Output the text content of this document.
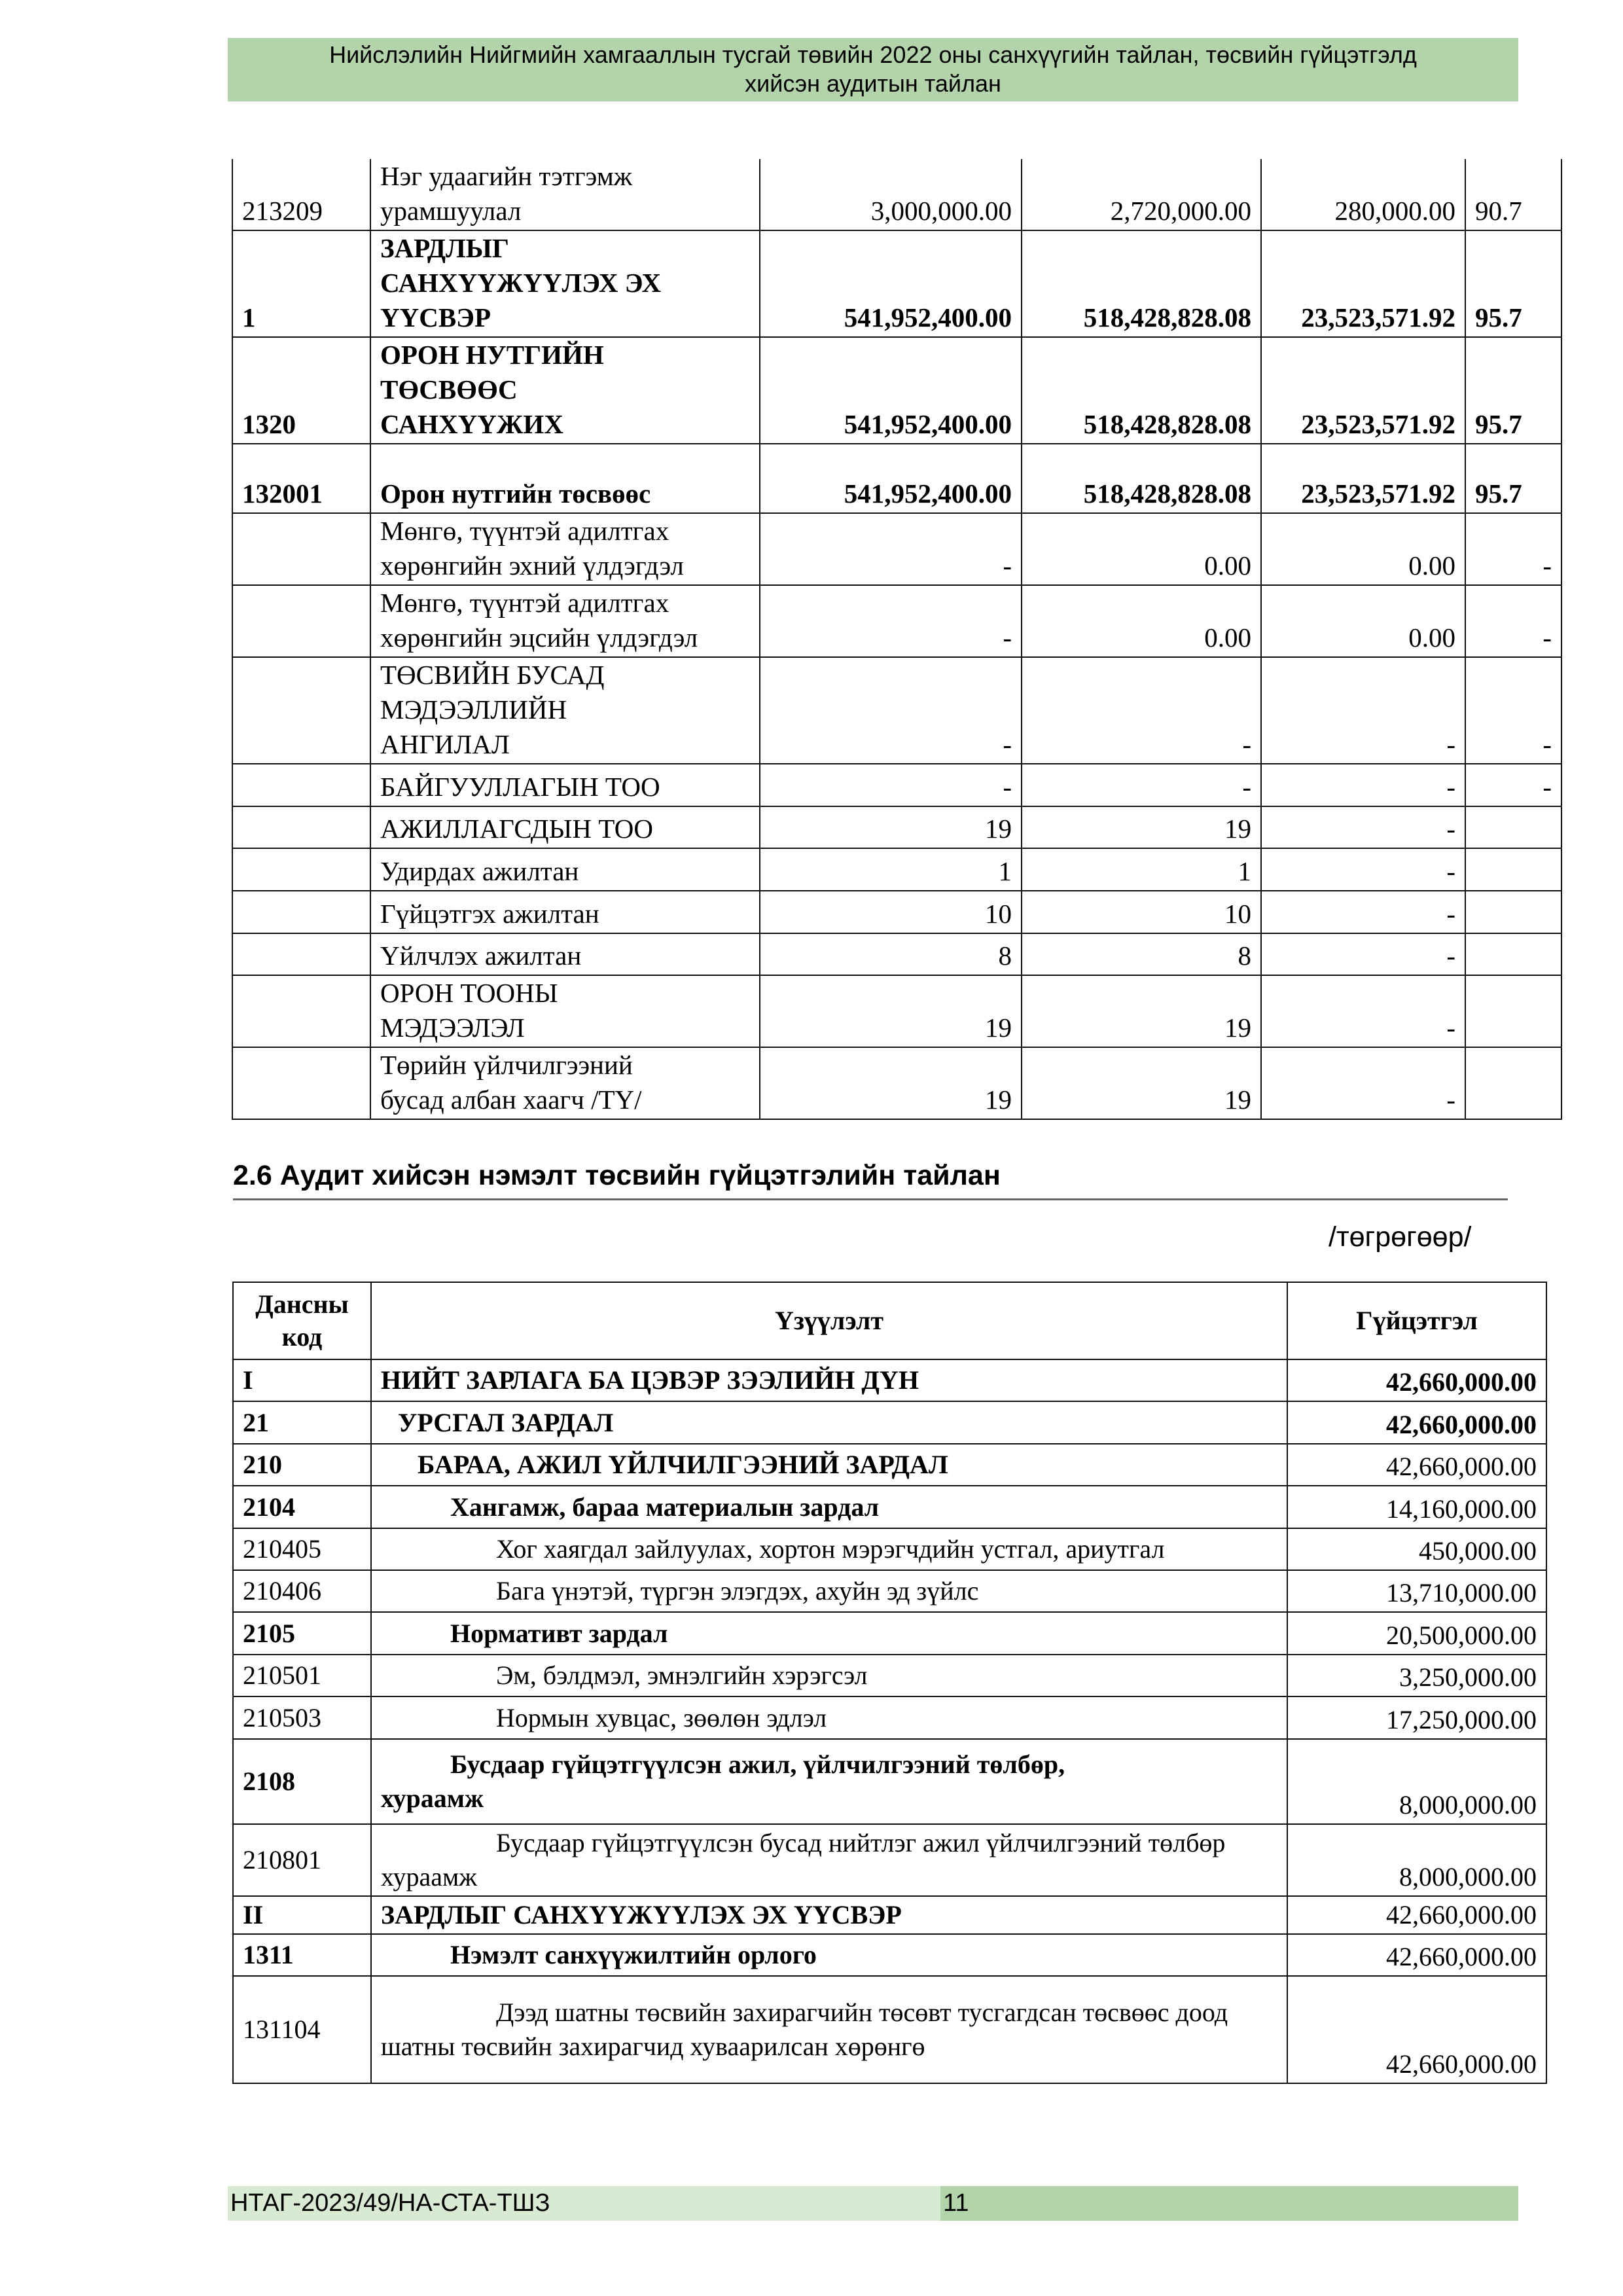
Нийслэлийн Нийгмийн хамгааллын тусгай төвийн 2022 оны санхүүгийн тайлан, төсвийн гүйцэтгэлд
хийсэн аудитын тайлан
213209	Нэг удаагийн тэтгэмж
урамшуулал	3,000,000.00	2,720,000.00	280,000.00	90.7
1	ЗАРДЛЫГ
САНХҮҮЖҮҮЛЭХ ЭХ
ҮҮСВЭР	541,952,400.00	518,428,828.08	23,523,571.92	95.7
1320	ОРОН НУТГИЙН
ТӨСВӨӨС
САНХҮҮЖИХ	541,952,400.00	518,428,828.08	23,523,571.92	95.7
132001	Орон нутгийн төсвөөс	541,952,400.00	518,428,828.08	23,523,571.92	95.7

	Мөнгө, түүнтэй адилтгах
хөрөнгийн эхний үлдэгдэл	-	0.00	0.00	-

	Мөнгө, түүнтэй адилтгах
хөрөнгийн эцсийн үлдэгдэл	-	0.00	0.00	-

	ТӨСВИЙН БУСАД
МЭДЭЭЛЛИЙН
АНГИЛАЛ	-	-	-	-
	БАЙГУУЛЛАГЫН ТОО	-	-	-	-
	АЖИЛЛАГСДЫН ТОО	19	19	-	
	Удирдах ажилтан	1	1	-	
	Гүйцэтгэх ажилтан	10	10	-	
	Үйлчлэх ажилтан	8	8	-	

	ОРОН ТООНЫ
МЭДЭЭЛЭЛ	19	19	-	

	Төрийн үйлчилгээний
бусад албан хаагч /ТҮ/	19	19	-	
2.6 Аудит хийсэн нэмэлт төсвийн гүйцэтгэлийн тайлан
/төгрөгөөр/
Дансны
код	Үзүүлэлт	Гүйцэтгэл
I	НИЙТ ЗАРЛАГА БА ЦЭВЭР ЗЭЭЛИЙН ДҮН	42,660,000.00
21	УРСГАЛ ЗАРДАЛ	42,660,000.00
210	БАРАА, АЖИЛ ҮЙЛЧИЛГЭЭНИЙ ЗАРДАЛ	42,660,000.00
2104	Хангамж, бараа материалын зардал	14,160,000.00
210405	Хог хаягдал зайлуулах, хортон мэрэгчдийн устгал, ариутгал	450,000.00
210406	Бага үнэтэй, түргэн элэгдэх, ахуйн эд зүйлс	13,710,000.00
2105	Нормативт зардал	20,500,000.00
210501	Эм, бэлдмэл, эмнэлгийн хэрэгсэл	3,250,000.00
210503	Нормын хувцас, зөөлөн эдлэл	17,250,000.00
2108	Бусдаар гүйцэтгүүлсэн ажил, үйлчилгээний төлбөр, хураамж	8,000,000.00
210801	Бусдаар гүйцэтгүүлсэн бусад нийтлэг ажил үйлчилгээний төлбөр хураамж	8,000,000.00
II	ЗАРДЛЫГ САНХҮҮЖҮҮЛЭХ ЭХ ҮҮСВЭР	42,660,000.00
1311	Нэмэлт санхүүжилтийн орлого	42,660,000.00
131104	Дээд шатны төсвийн захирагчийн төсөвт тусгагдсан төсвөөс доод шатны төсвийн захирагчид хуваарилсан хөрөнгө	42,660,000.00
НТАГ-2023/49/НА-СТА-ТШЗ	11
